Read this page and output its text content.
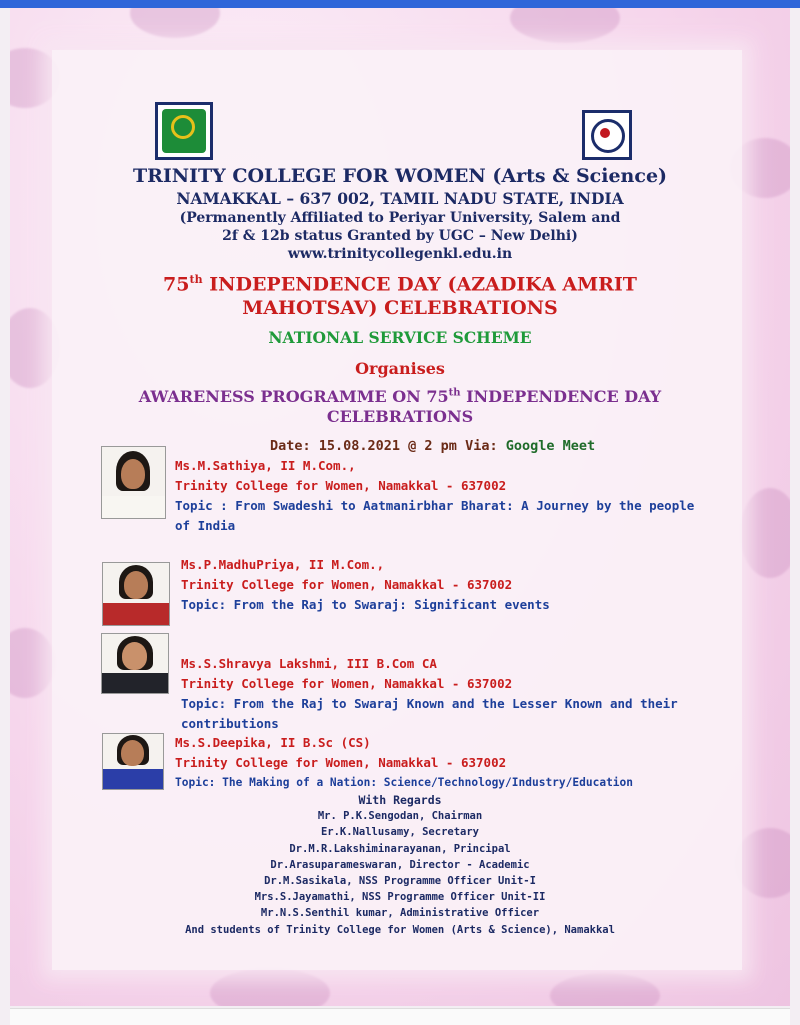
TRINITY COLLEGE FOR WOMEN (Arts & Science)
NAMAKKAL – 637 002, TAMIL NADU STATE, INDIA
(Permanently Affiliated to Periyar University, Salem and
2f & 12b status Granted by UGC – New Delhi)
www.trinitycollegenkl.edu.in
75th INDEPENDENCE DAY (AZADIKA AMRIT
MAHOTSAV) CELEBRATIONS
NATIONAL SERVICE SCHEME
Organises
AWARENESS PROGRAMME ON 75th INDEPENDENCE DAY
CELEBRATIONS
Date: 15.08.2021 @ 2 pm Via: Google Meet
Ms.M.Sathiya, II M.Com.,
Trinity College for Women, Namakkal - 637002
Topic : From Swadeshi to Aatmanirbhar Bharat: A Journey by the people
of India
Ms.P.MadhuPriya, II M.Com.,
Trinity College for Women, Namakkal - 637002
Topic: From the Raj to Swaraj: Significant events
Ms.S.Shravya Lakshmi, III B.Com CA
Trinity College for Women, Namakkal - 637002
Topic: From the Raj to Swaraj Known and the Lesser Known and their
contributions
Ms.S.Deepika, II B.Sc (CS)
Trinity College for Women, Namakkal - 637002
Topic: The Making of a Nation: Science/Technology/Industry/Education
With Regards
Mr. P.K.Sengodan, Chairman
Er.K.Nallusamy, Secretary
Dr.M.R.Lakshiminarayanan, Principal
Dr.Arasuparameswaran, Director - Academic
Dr.M.Sasikala, NSS Programme Officer Unit-I
Mrs.S.Jayamathi, NSS Programme Officer Unit-II
Mr.N.S.Senthil kumar, Administrative Officer
And students of Trinity College for Women (Arts & Science), Namakkal
